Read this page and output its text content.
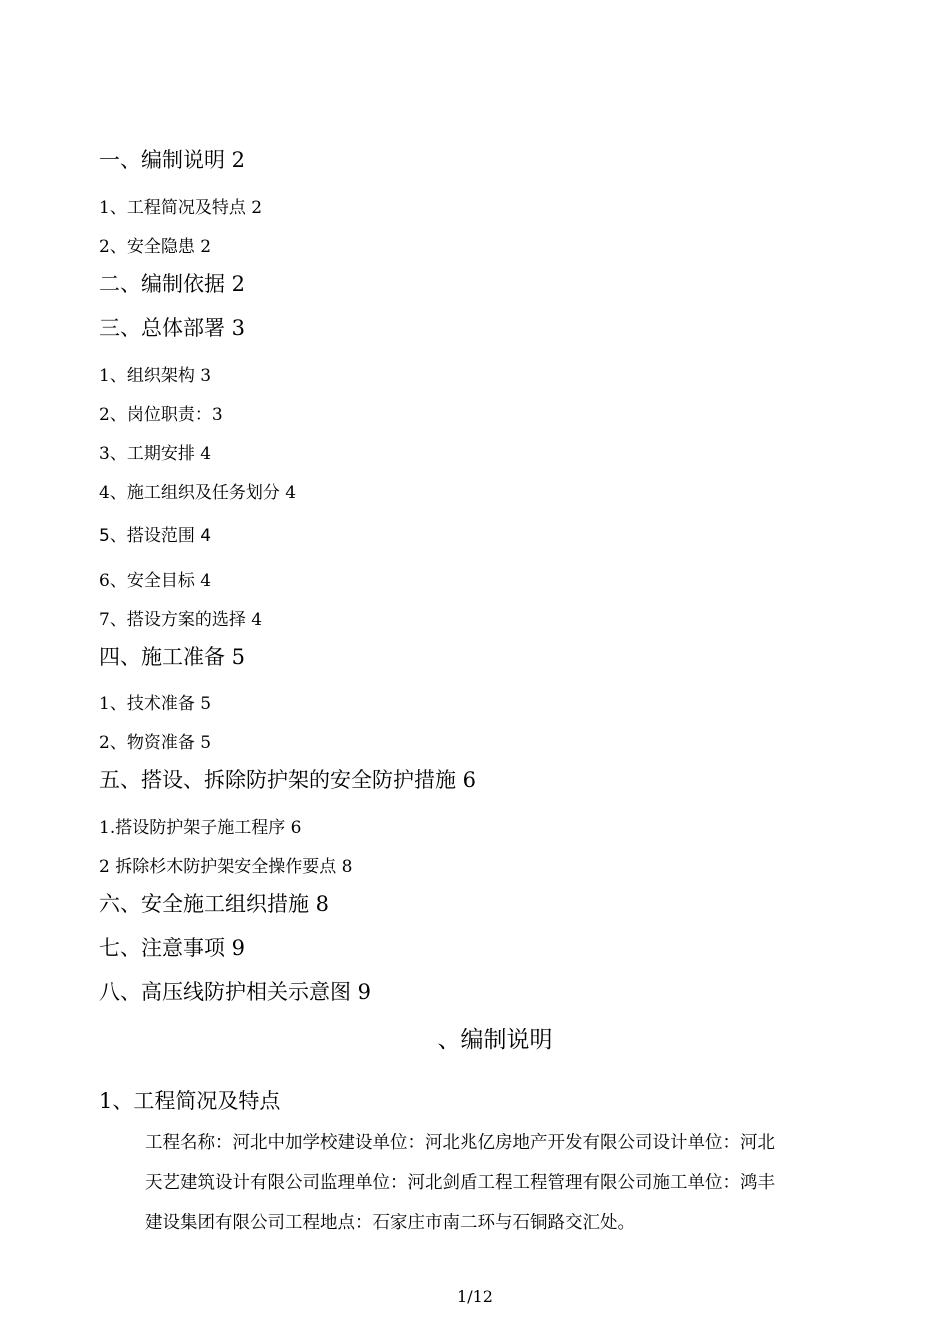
一、编制说明 2
1、工程简况及特点 2
2、安全隐患 2
二、编制依据 2
三、总体部署 3
1、组织架构 3
2、岗位职责：3
3、工期安排 4
4、施工组织及任务划分 4
5、搭设范围 4
6、安全目标 4
7、搭设方案的选择 4
四、施工准备 5
1、技术准备 5
2、物资准备 5
五、搭设、拆除防护架的安全防护措施 6
1.搭设防护架子施工程序 6
2 拆除杉木防护架安全操作要点 8
六、安全施工组织措施 8
七、注意事项 9
八、高压线防护相关示意图 9
、编制说明
1、工程简况及特点
工程名称：河北中加学校建设单位：河北兆亿房地产开发有限公司设计单位：河北
天艺建筑设计有限公司监理单位：河北剑盾工程工程管理有限公司施工单位：鸿丰
建设集团有限公司工程地点：石家庄市南二环与石铜路交汇处。
1/12
